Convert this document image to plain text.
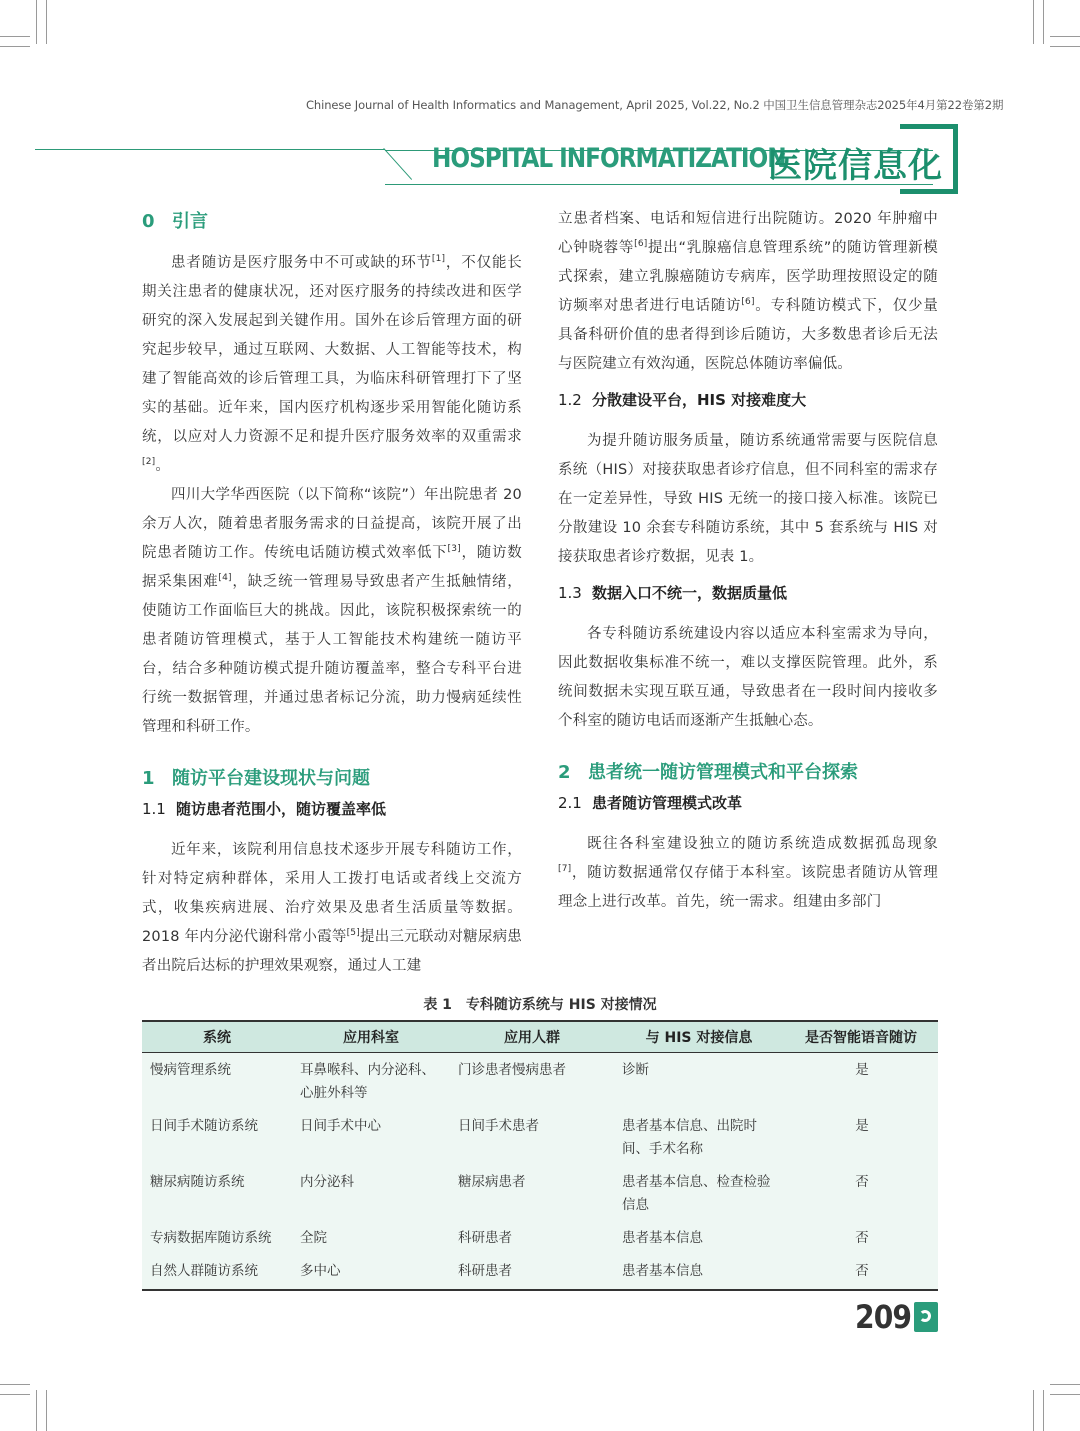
Chinese Journal of Health Informatics and Management, April 2025, Vol.22, No.2 中国卫生信息管理杂志2025年4月第22卷第2期
HOSPITAL INFORMATIZATION
医院信息化
0 引言
患者随访是医疗服务中不可或缺的环节[1]，不仅能长期关注患者的健康状况，还对医疗服务的持续改进和医学研究的深入发展起到关键作用。国外在诊后管理方面的研究起步较早，通过互联网、大数据、人工智能等技术，构建了智能高效的诊后管理工具，为临床科研管理打下了坚实的基础。近年来，国内医疗机构逐步采用智能化随访系统，以应对人力资源不足和提升医疗服务效率的双重需求[2]。
四川大学华西医院（以下简称“该院”）年出院患者 20 余万人次，随着患者服务需求的日益提高，该院开展了出院患者随访工作。传统电话随访模式效率低下[3]，随访数据采集困难[4]，缺乏统一管理易导致患者产生抵触情绪，使随访工作面临巨大的挑战。因此，该院积极探索统一的患者随访管理模式，基于人工智能技术构建统一随访平台，结合多种随访模式提升随访覆盖率，整合专科平台进行统一数据管理，并通过患者标记分流，助力慢病延续性管理和科研工作。
1 随访平台建设现状与问题
1.1 随访患者范围小，随访覆盖率低
近年来，该院利用信息技术逐步开展专科随访工作，针对特定病种群体，采用人工拨打电话或者线上交流方式，收集疾病进展、治疗效果及患者生活质量等数据。2018 年内分泌代谢科常小霞等[5]提出三元联动对糖尿病患者出院后达标的护理效果观察，通过人工建
立患者档案、电话和短信进行出院随访。2020 年肿瘤中心钟晓蓉等[6]提出“乳腺癌信息管理系统”的随访管理新模式探索，建立乳腺癌随访专病库，医学助理按照设定的随访频率对患者进行电话随访[6]。专科随访模式下，仅少量具备科研价值的患者得到诊后随访，大多数患者诊后无法与医院建立有效沟通，医院总体随访率偏低。
1.2 分散建设平台，HIS 对接难度大
为提升随访服务质量，随访系统通常需要与医院信息系统（HIS）对接获取患者诊疗信息，但不同科室的需求存在一定差异性，导致 HIS 无统一的接口接入标准。该院已分散建设 10 余套专科随访系统，其中 5 套系统与 HIS 对接获取患者诊疗数据，见表 1。
1.3 数据入口不统一，数据质量低
各专科随访系统建设内容以适应本科室需求为导向，因此数据收集标准不统一，难以支撑医院管理。此外，系统间数据未实现互联互通，导致患者在一段时间内接收多个科室的随访电话而逐渐产生抵触心态。
2 患者统一随访管理模式和平台探索
2.1 患者随访管理模式改革
既往各科室建设独立的随访系统造成数据孤岛现象[7]，随访数据通常仅存储于本科室。该院患者随访从管理理念上进行改革。首先，统一需求。组建由多部门
表 1　专科随访系统与 HIS 对接情况
系统	应用科室	应用人群	与 HIS 对接信息	是否智能语音随访
慢病管理系统	耳鼻喉科、内分泌科、心脏外科等	门诊患者慢病患者	诊断	是
日间手术随访系统	日间手术中心	日间手术患者	患者基本信息、出院时间、手术名称	是
糖尿病随访系统	内分泌科	糖尿病患者	患者基本信息、检查检验信息	否
专病数据库随访系统	全院	科研患者	患者基本信息	否
自然人群随访系统	多中心	科研患者	患者基本信息	否
209
